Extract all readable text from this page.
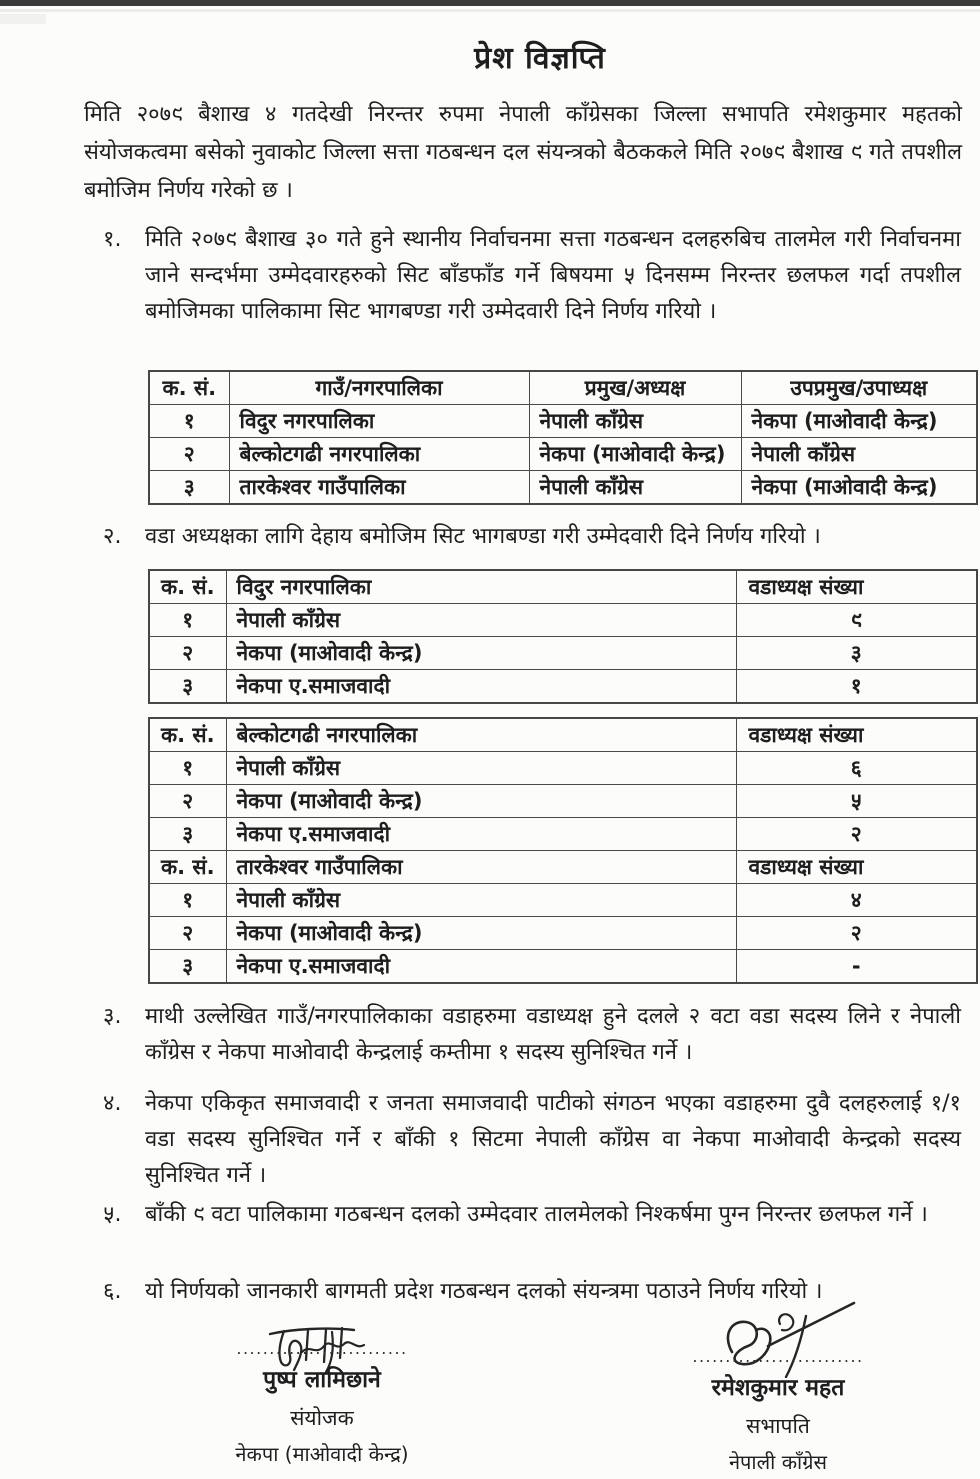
प्रेश विज्ञप्ति

मिति २०७९ बैशाख ४ गतदेखी निरन्तर रुपमा नेपाली काँग्रेसका जिल्ला सभापति रमेशकुमार महतको संयोजकत्वमा बसेको नुवाकोट जिल्ला सत्ता गठबन्धन दल संयन्त्रको बैठककले मिति २०७९ बैशाख ९ गते तपशील बमोजिम निर्णय गरेको छ ।

१.	मिति २०७९ बैशाख ३० गते हुने स्थानीय निर्वाचनमा सत्ता गठबन्धन दलहरुबिच तालमेल गरी निर्वाचनमा जाने सन्दर्भमा उम्मेदवारहरुको सिट बाँडफाँड गर्ने बिषयमा ५ दिनसम्म निरन्तर छलफल गर्दा तपशील बमोजिमका पालिकामा सिट भागबण्डा गरी उम्मेदवारी दिने निर्णय गरियो ।
क. सं.	गाउँ/नगरपालिका	प्रमुख/अध्यक्ष	उपप्रमुख/उपाध्यक्ष
१	विदुर नगरपालिका	नेपाली काँग्रेस	नेकपा (माओवादी केन्द्र)
२	बेल्कोटगढी नगरपालिका	नेकपा (माओवादी केन्द्र)	नेपाली काँग्रेस
३	तारकेश्वर गाउँपालिका	नेपाली काँग्रेस	नेकपा (माओवादी केन्द्र)
२.	वडा अध्यक्षका लागि देहाय बमोजिम सिट भागबण्डा गरी उम्मेदवारी दिने निर्णय गरियो ।
क. सं.	विदुर नगरपालिका	वडाध्यक्ष संख्या
१	नेपाली काँग्रेस	९
२	नेकपा (माओवादी केन्द्र)	३
३	नेकपा ए.समाजवादी	१
क. सं.	बेल्कोटगढी नगरपालिका	वडाध्यक्ष संख्या
१	नेपाली काँग्रेस	६
२	नेकपा (माओवादी केन्द्र)	५
३	नेकपा ए.समाजवादी	२
क. सं.	तारकेश्वर गाउँपालिका	वडाध्यक्ष संख्या
१	नेपाली काँग्रेस	४
२	नेकपा (माओवादी केन्द्र)	२
३	नेकपा ए.समाजवादी	-
३.	माथी उल्लेखित गाउँ/नगरपालिकाका वडाहरुमा वडाध्यक्ष हुने दलले २ वटा वडा सदस्य लिने र नेपाली काँग्रेस र नेकपा माओवादी केन्द्रलाई कम्तीमा १ सदस्य सुनिश्चित गर्ने ।
४.	नेकपा एकिकृत समाजवादी र जनता समाजवादी पाटीको संगठन भएका वडाहरुमा दुवै दलहरुलाई १/१ वडा सदस्य सुनिश्चित गर्ने र बाँकी १ सिटमा नेपाली काँग्रेस वा नेकपा माओवादी केन्द्रको सदस्य सुनिश्चित गर्ने ।
५.	बाँकी ९ वटा पालिकामा गठबन्धन दलको उम्मेदवार तालमेलको निश्कर्षमा पुग्न निरन्तर छलफल गर्ने ।
६.	यो निर्णयको जानकारी बागमती प्रदेश गठबन्धन दलको संयन्त्रमा पठाउने निर्णय गरियो ।
..........................
पुष्प लामिछाने
संयोजक
नेकपा (माओवादी केन्द्र)
..........................
रमेशकुमार महत
सभापति
नेपाली काँग्रेस
